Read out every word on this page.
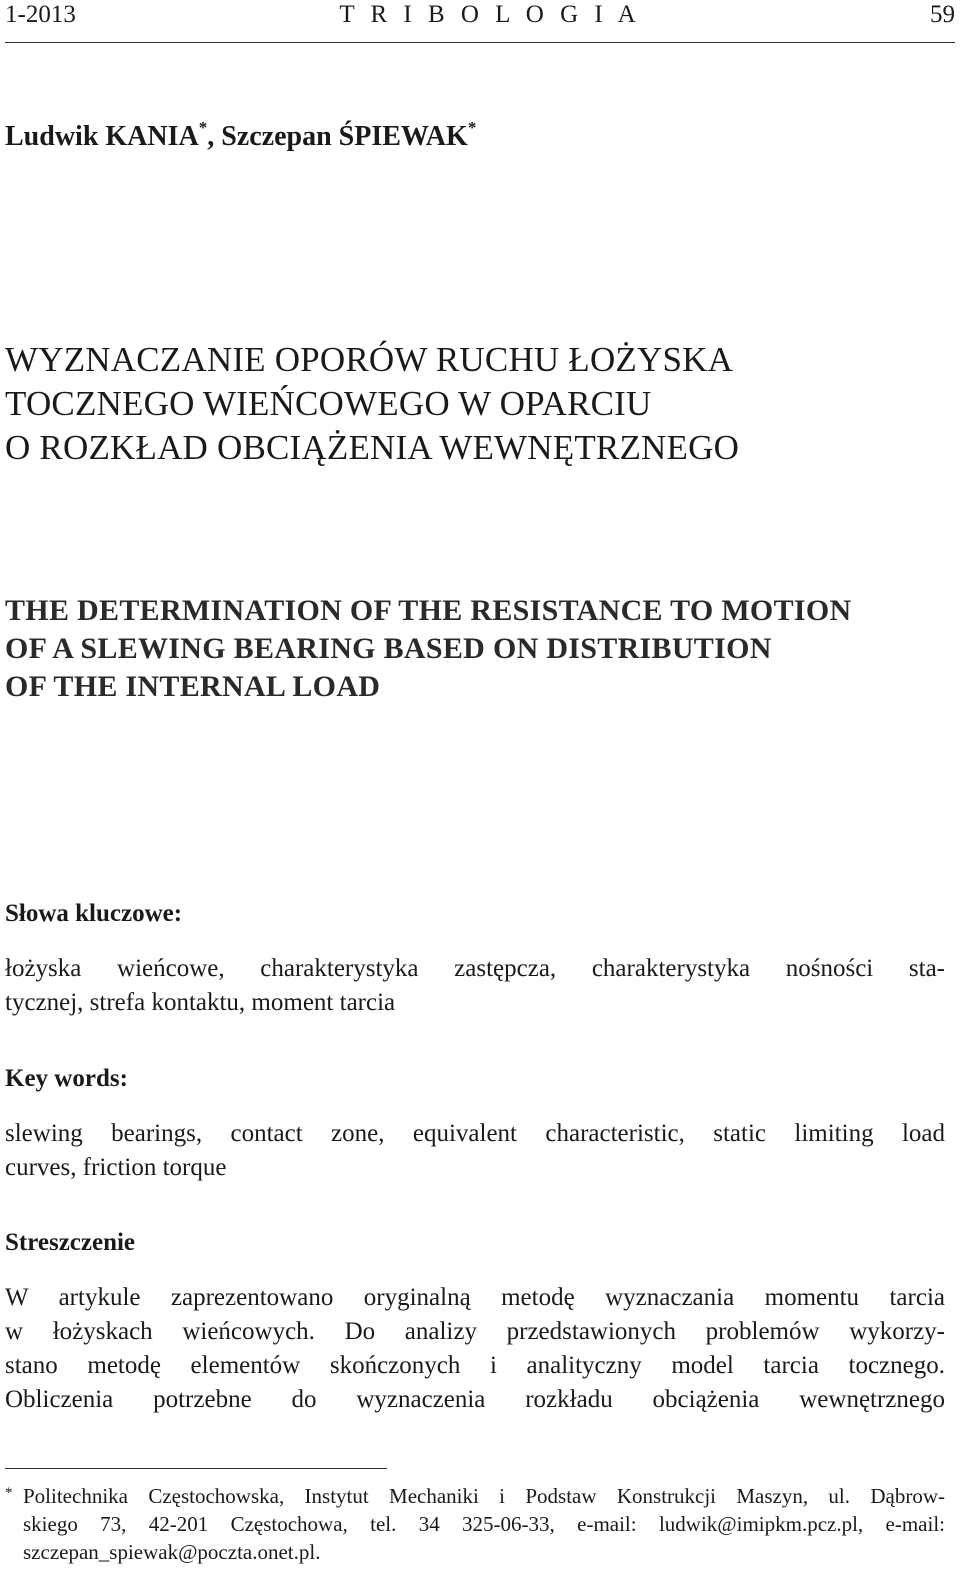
1-2013	T R I B O L O G I A	59
Ludwik KANIA*, Szczepan ŚPIEWAK*
WYZNACZANIE OPORÓW RUCHU ŁOŻYSKA
TOCZNEGO WIEŃCOWEGO W OPARCIU
O ROZKŁAD OBCIĄŻENIA WEWNĘTRZNEGO
THE DETERMINATION OF THE RESISTANCE TO MOTION
OF A SLEWING BEARING BASED ON DISTRIBUTION
OF THE INTERNAL LOAD
Słowa kluczowe:
łożyska wieńcowe, charakterystyka zastępcza, charakterystyka nośności sta-
tycznej, strefa kontaktu, moment tarcia
Key words:
slewing bearings, contact zone, equivalent characteristic, static limiting load
curves, friction torque
Streszczenie
W artykule zaprezentowano oryginalną metodę wyznaczania momentu tarcia
w łożyskach wieńcowych. Do analizy przedstawionych problemów wykorzy-
stano metodę elementów skończonych i analityczny model tarcia tocznego.
Obliczenia potrzebne do wyznaczenia rozkładu obciążenia wewnętrznego
* Politechnika Częstochowska, Instytut Mechaniki i Podstaw Konstrukcji Maszyn, ul. Dąbrow-
skiego 73, 42-201 Częstochowa, tel. 34 325-06-33, e-mail: ludwik@imipkm.pcz.pl, e-mail:
szczepan_spiewak@poczta.onet.pl.
